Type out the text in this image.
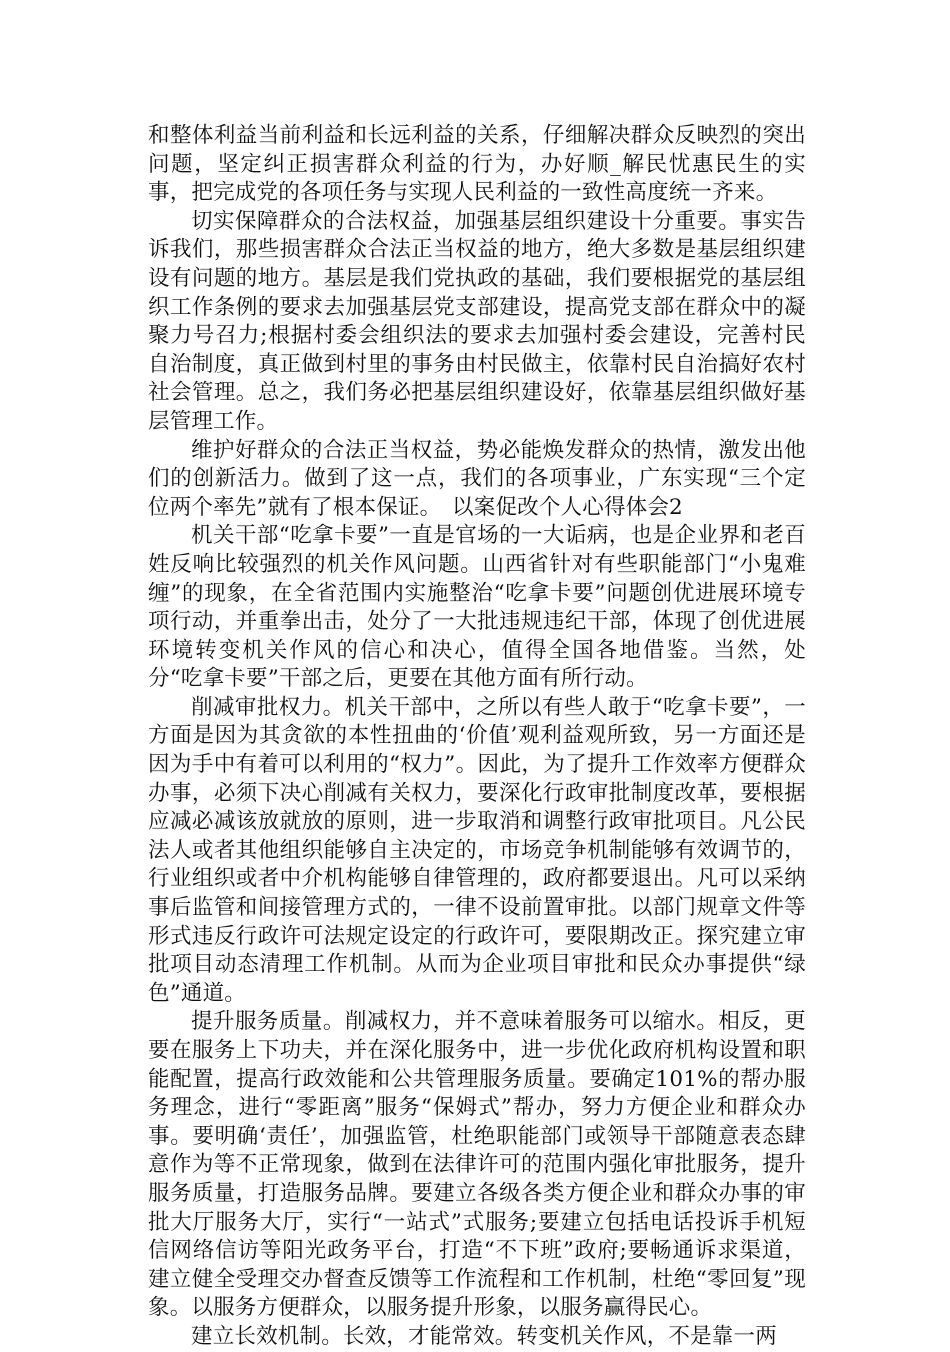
和整体利益当前利益和长远利益的关系，仔细解决群众反映烈的突出问题，坚定纠正损害群众利益的行为，办好顺_解民忧惠民生的实事，把完成党的各项任务与实现人民利益的一致性高度统一齐来。

切实保障群众的合法权益，加强基层组织建设十分重要。事实告诉我们，那些损害群众合法正当权益的地方，绝大多数是基层组织建设有问题的地方。基层是我们党执政的基础，我们要根据党的基层组织工作条例的要求去加强基层党支部建设，提高党支部在群众中的凝聚力号召力;根据村委会组织法的要求去加强村委会建设，完善村民自治制度，真正做到村里的事务由村民做主，依靠村民自治搞好农村社会管理。总之，我们务必把基层组织建设好，依靠基层组织做好基层管理工作。

维护好群众的合法正当权益，势必能焕发群众的热情，激发出他们的创新活力。做到了这一点，我们的各项事业，广东实现“三个定位两个率先”就有了根本保证。 以案促改个人心得体会2

机关干部“吃拿卡要”一直是官场的一大诟病，也是企业界和老百姓反响比较强烈的机关作风问题。山西省针对有些职能部门“小鬼难缠”的现象，在全省范围内实施整治“吃拿卡要”问题创优进展环境专项行动，并重拳出击，处分了一大批违规违纪干部，体现了创优进展环境转变机关作风的信心和决心，值得全国各地借鉴。当然，处分“吃拿卡要”干部之后，更要在其他方面有所行动。

削减审批权力。机关干部中，之所以有些人敢于“吃拿卡要”，一方面是因为其贪欲的本性扭曲的‘价值’观利益观所致，另一方面还是因为手中有着可以利用的“权力”。因此，为了提升工作效率方便群众办事，必须下决心削减有关权力，要深化行政审批制度改革，要根据应减必减该放就放的原则，进一步取消和调整行政审批项目。凡公民法人或者其他组织能够自主决定的，市场竞争机制能够有效调节的，行业组织或者中介机构能够自律管理的，政府都要退出。凡可以采纳事后监管和间接管理方式的，一律不设前置审批。以部门规章文件等形式违反行政许可法规定设定的行政许可，要限期改正。探究建立审批项目动态清理工作机制。从而为企业项目审批和民众办事提供“绿色”通道。

提升服务质量。削减权力，并不意味着服务可以缩水。相反，更要在服务上下功夫，并在深化服务中，进一步优化政府机构设置和职能配置，提高行政效能和公共管理服务质量。要确定101%的帮办服务理念，进行“零距离”服务“保姆式”帮办，努力方便企业和群众办事。要明确‘责任’，加强监管，杜绝职能部门或领导干部随意表态肆意作为等不正常现象，做到在法律许可的范围内强化审批服务，提升服务质量，打造服务品牌。要建立各级各类方便企业和群众办事的审批大厅服务大厅，实行“一站式”式服务;要建立包括电话投诉手机短信网络信访等阳光政务平台，打造“不下班”政府;要畅通诉求渠道，建立健全受理交办督查反馈等工作流程和工作机制，杜绝“零回复”现象。以服务方便群众，以服务提升形象，以服务赢得民心。

建立长效机制。长效，才能常效。转变机关作风，不是靠一两
